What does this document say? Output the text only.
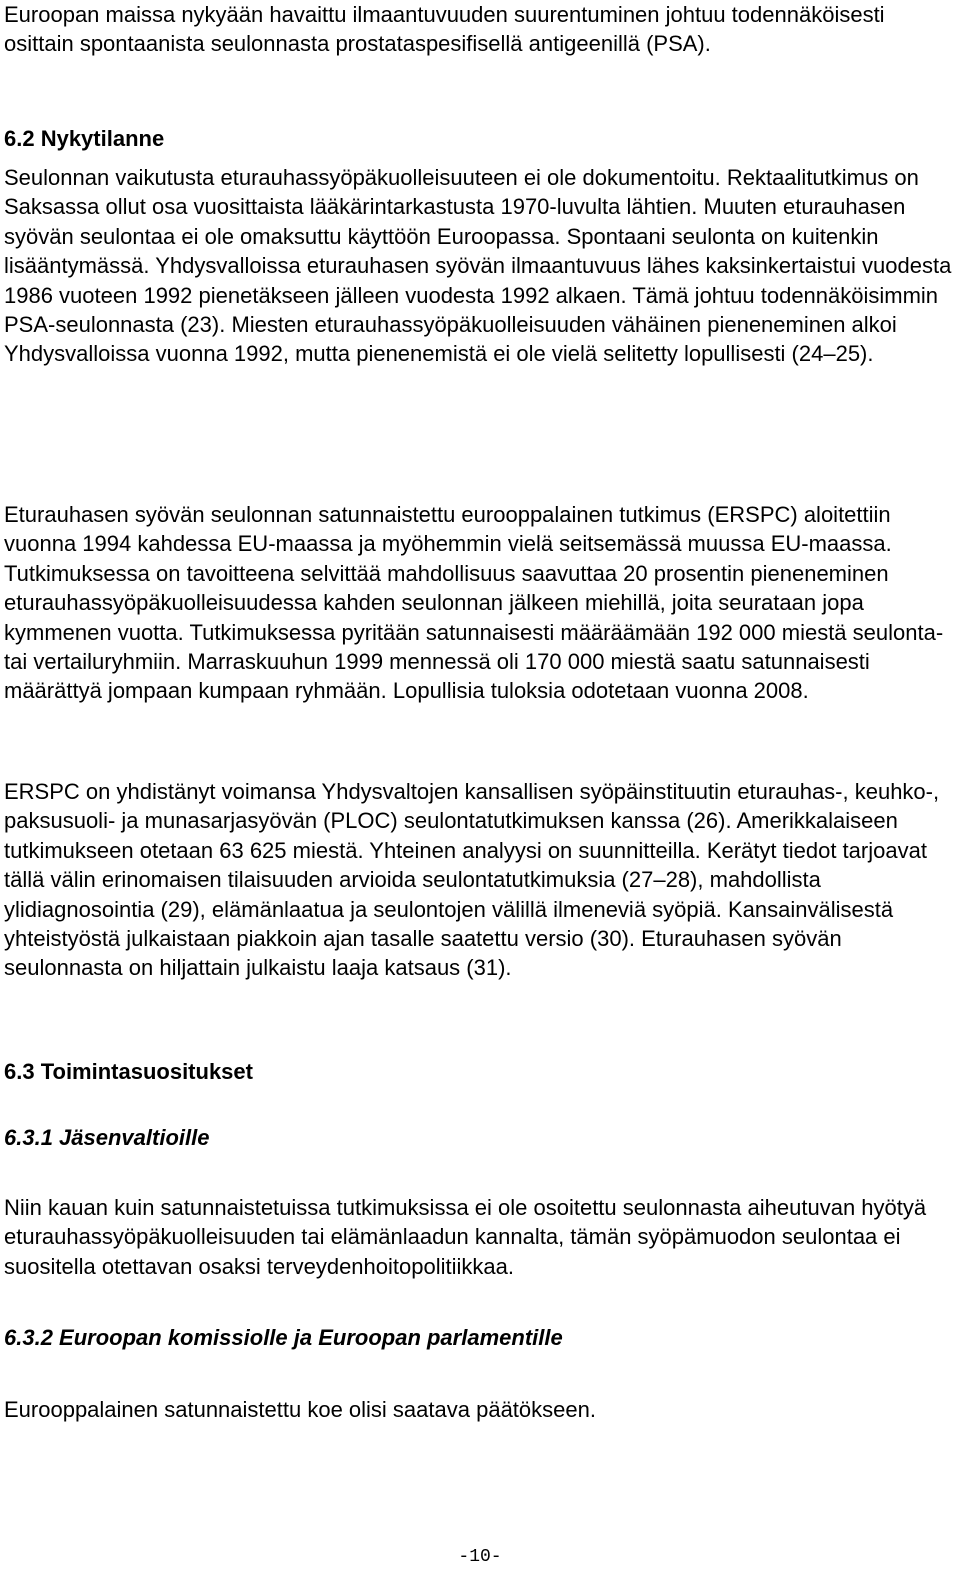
Euroopan maissa nykyään havaittu ilmaantuvuuden suurentuminen johtuu todennäköisesti osittain spontaanista seulonnasta prostataspesifisellä antigeenillä (PSA).

6.2 Nykytilanne

Seulonnan vaikutusta eturauhassyöpäkuolleisuuteen ei ole dokumentoitu. Rektaalitutkimus on Saksassa ollut osa vuosittaista lääkärintarkastusta 1970-luvulta lähtien. Muuten eturauhasen syövän seulontaa ei ole omaksuttu käyttöön Euroopassa. Spontaani seulonta on kuitenkin lisääntymässä. Yhdysvalloissa eturauhasen syövän ilmaantuvuus lähes kaksinkertaistui vuodesta 1986 vuoteen 1992 pienetäkseen jälleen vuodesta 1992 alkaen. Tämä johtuu todennäköisimmin PSA-seulonnasta (23). Miesten eturauhassyöpäkuolleisuuden vähäinen pieneneminen alkoi Yhdysvalloissa vuonna 1992, mutta pienenemistä ei ole vielä selitetty lopullisesti (24–25).

Eturauhasen syövän seulonnan satunnaistettu eurooppalainen tutkimus (ERSPC) aloitettiin vuonna 1994 kahdessa EU-maassa ja myöhemmin vielä seitsemässä muussa EU-maassa. Tutkimuksessa on tavoitteena selvittää mahdollisuus saavuttaa 20 prosentin pieneneminen eturauhassyöpäkuolleisuudessa kahden seulonnan jälkeen miehillä, joita seurataan jopa kymmenen vuotta. Tutkimuksessa pyritään satunnaisesti määräämään 192 000 miestä seulonta- tai vertailuryhmiin. Marraskuuhun 1999 mennessä oli 170 000 miestä saatu satunnaisesti määrättyä jompaan kumpaan ryhmään. Lopullisia tuloksia odotetaan vuonna 2008.

ERSPC on yhdistänyt voimansa Yhdysvaltojen kansallisen syöpäinstituutin eturauhas-, keuhko-, paksusuoli- ja munasarjasyövän (PLOC) seulontatutkimuksen kanssa (26). Amerikkalaiseen tutkimukseen otetaan 63 625 miestä. Yhteinen analyysi on suunnitteilla. Kerätyt tiedot tarjoavat tällä välin erinomaisen tilaisuuden arvioida seulontatutkimuksia (27–28), mahdollista ylidiagnosointia (29), elämänlaatua ja seulontojen välillä ilmeneviä syöpiä. Kansainvälisestä yhteistyöstä julkaistaan piakkoin ajan tasalle saatettu versio (30). Eturauhasen syövän seulonnasta on hiljattain julkaistu laaja katsaus (31).

6.3 Toimintasuositukset
6.3.1 Jäsenvaltioille

Niin kauan kuin satunnaistetuissa tutkimuksissa ei ole osoitettu seulonnasta aiheutuvan hyötyä eturauhassyöpäkuolleisuuden tai elämänlaadun kannalta, tämän syöpämuodon seulontaa ei suositella otettavan osaksi terveydenhoitopolitiikkaa.

6.3.2 Euroopan komissiolle ja Euroopan parlamentille

Eurooppalainen satunnaistettu koe olisi saatava päätökseen.

-10-
